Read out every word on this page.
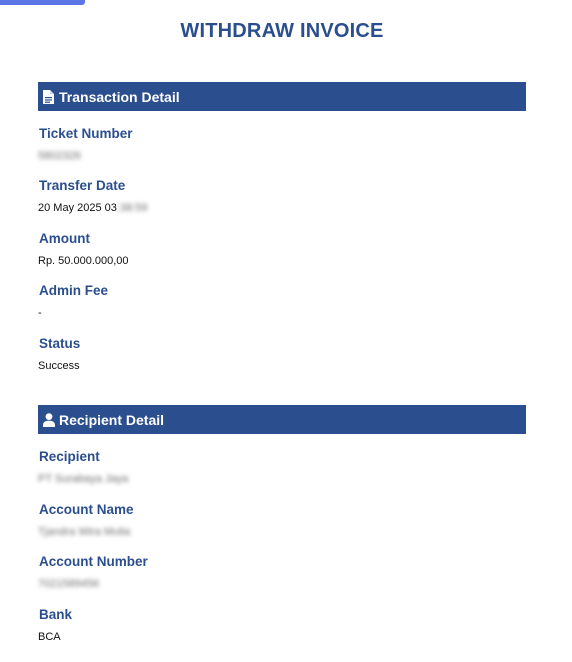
WITHDRAW INVOICE
Transaction Detail
Ticket Number
5802326
Transfer Date
20 May 2025 03:38:59
Amount
Rp. 50.000.000,00
Admin Fee
-
Status
Success
Recipient Detail
Recipient
PT Surabaya Jaya
Account Name
Tjandra Wira Mulia
Account Number
7021589456
Bank
BCA
